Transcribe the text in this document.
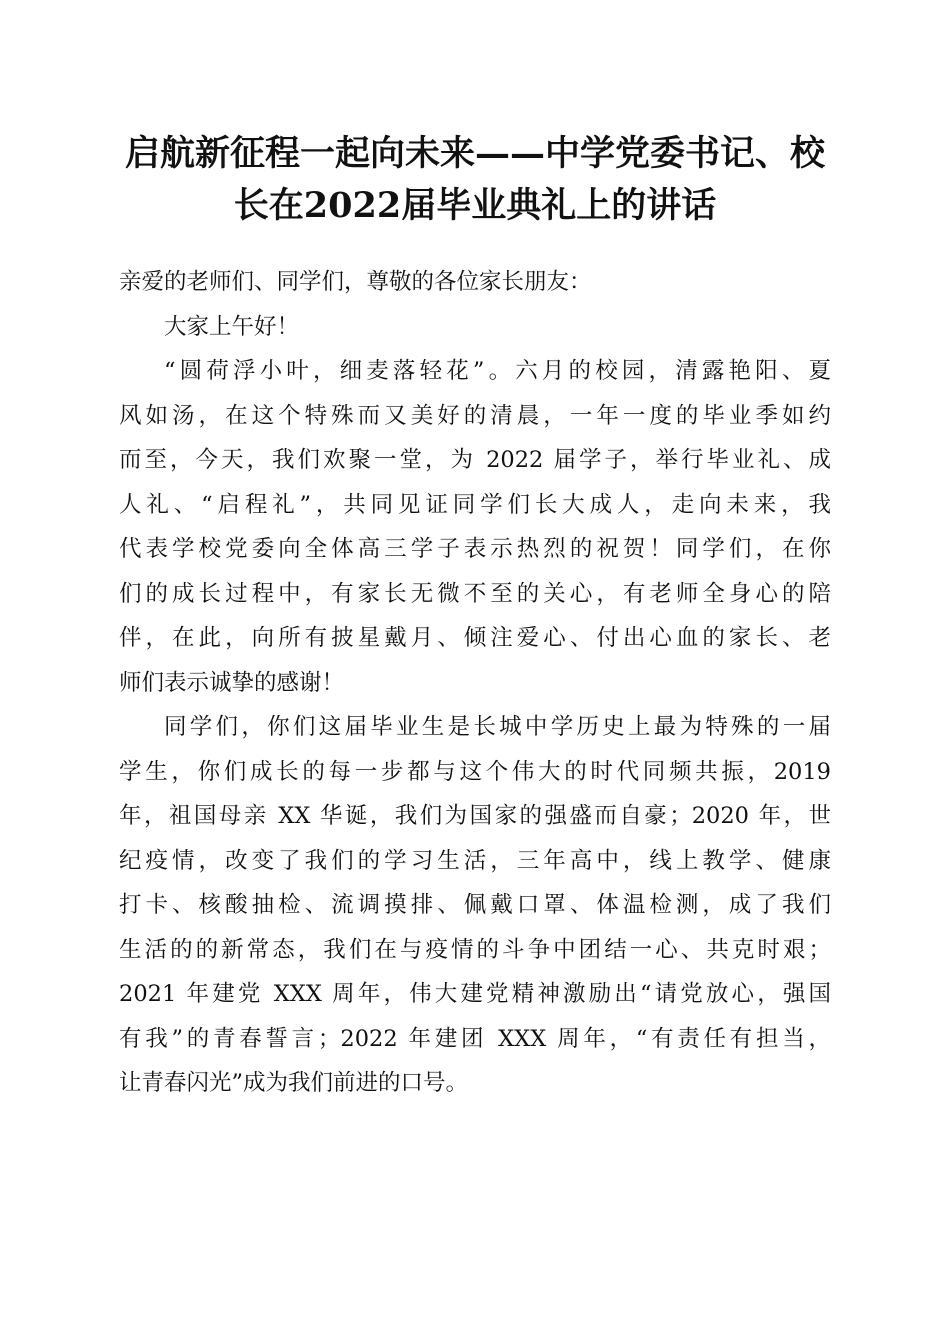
启航新征程一起向未来——中学党委书记、校
长在2022届毕业典礼上的讲话
亲爱的老师们、同学们，尊敬的各位家长朋友：
大家上午好！
“圆荷浮小叶，细麦落轻花”。六月的校园，清露艳阳、夏
风如汤，在这个特殊而又美好的清晨，一年一度的毕业季如约
而至，今天，我们欢聚一堂，为 2022 届学子，举行毕业礼、成
人礼、“启程礼”，共同见证同学们长大成人，走向未来，我
代表学校党委向全体高三学子表示热烈的祝贺！同学们，在你
们的成长过程中，有家长无微不至的关心，有老师全身心的陪
伴，在此，向所有披星戴月、倾注爱心、付出心血的家长、老
师们表示诚挚的感谢！
同学们，你们这届毕业生是长城中学历史上最为特殊的一届
学生，你们成长的每一步都与这个伟大的时代同频共振，2019
年，祖国母亲 XX 华诞，我们为国家的强盛而自豪；2020 年，世
纪疫情，改变了我们的学习生活，三年高中，线上教学、健康
打卡、核酸抽检、流调摸排、佩戴口罩、体温检测，成了我们
生活的的新常态，我们在与疫情的斗争中团结一心、共克时艰；
2021 年建党 XXX 周年，伟大建党精神激励出“请党放心，强国
有我”的青春誓言；2022 年建团 XXX 周年，“有责任有担当，
让青春闪光”成为我们前进的口号。
